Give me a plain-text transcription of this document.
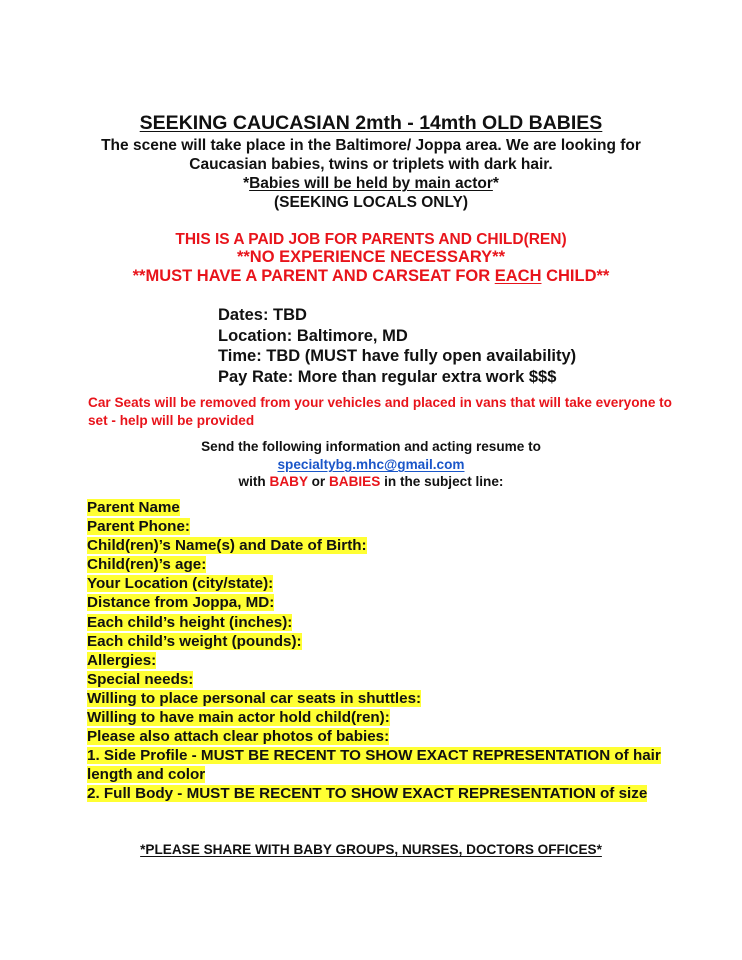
SEEKING CAUCASIAN 2mth - 14mth OLD BABIES
The scene will take place in the Baltimore/ Joppa area. We are looking for
Caucasian babies, twins or triplets with dark hair.
*Babies will be held by main actor*
(SEEKING LOCALS ONLY)
THIS IS A PAID JOB FOR PARENTS AND CHILD(REN)
**NO EXPERIENCE NECESSARY**
**MUST HAVE A PARENT AND CARSEAT FOR EACH CHILD**
Dates: TBD
Location: Baltimore, MD
Time: TBD (MUST have fully open availability)
Pay Rate: More than regular extra work $$$
Car Seats will be removed from your vehicles and placed in vans that will take everyone to set - help will be provided
Send the following information and acting resume to
specialtybg.mhc@gmail.com
with BABY or BABIES in the subject line:
Parent Name
Parent Phone:
Child(ren)’s Name(s) and Date of Birth:
Child(ren)’s age:
Your Location (city/state):
Distance from Joppa, MD:
Each child’s height (inches):
Each child’s weight (pounds):
Allergies:
Special needs:
Willing to place personal car seats in shuttles:
Willing to have main actor hold child(ren):
Please also attach clear photos of babies:
1. Side Profile - MUST BE RECENT TO SHOW EXACT REPRESENTATION of hair length and color
2. Full Body - MUST BE RECENT TO SHOW EXACT REPRESENTATION of size
*PLEASE SHARE WITH BABY GROUPS, NURSES, DOCTORS OFFICES*
